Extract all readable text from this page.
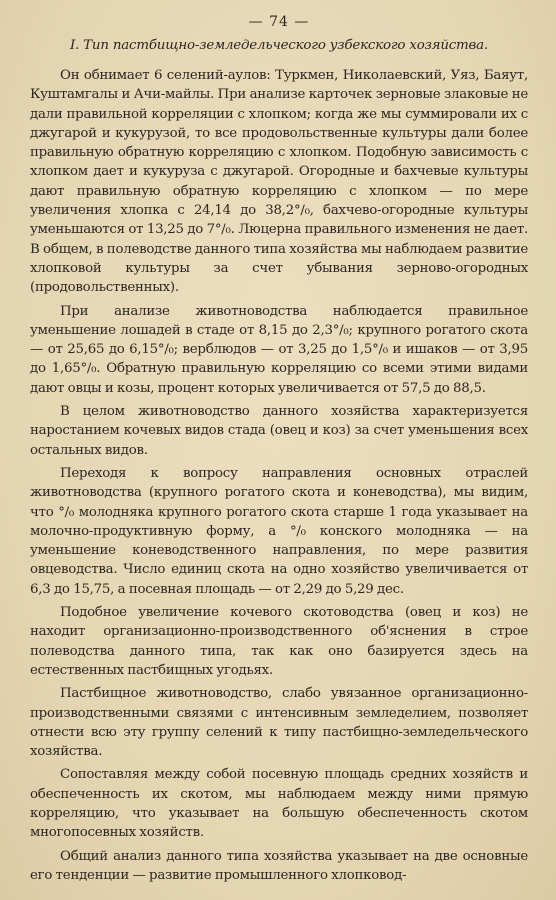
— 74 —
I. Тип пастбищно-земледельческого узбекского хозяйства.

Он обнимает 6 селений-аулов: Туркмен, Николаевский, Уяз, Баяут, Куштамгалы и Ачи-майлы. При анализе карточек зерновые злаковые не дали правильной корреляции с хлопком; когда же мы суммировали их с джугарой и кукурузой, то все продовольственные культуры дали более правильную обратную корреляцию с хлопком. Подобную зависимость с хлопком дает и кукуруза с джугарой. Огородные и бахчевые культуры дают правильную обратную корреляцию с хлопком — по мере увеличения хлопка с 24,14 до 38,2°/₀, бахчево-огородные культуры уменьшаются от 13,25 до 7°/₀. Люцерна правильного изменения не дает. В общем, в полеводстве данного типа хозяйства мы наблюдаем развитие хлопковой культуры за счет убывания зерново-огородных (продовольственных).

При анализе животноводства наблюдается правильное уменьшение лошадей в стаде от 8,15 до 2,3°/₀; крупного рогатого скота — от 25,65 до 6,15°/₀; верблюдов — от 3,25 до 1,5°/₀ и ишаков — от 3,95 до 1,65°/₀. Обратную правильную корреляцию со всеми этими видами дают овцы и козы, процент которых увеличивается от 57,5 до 88,5.

В целом животноводство данного хозяйства характеризуется наростанием кочевых видов стада (овец и коз) за счет уменьшения всех остальных видов.

Переходя к вопросу направления основных отраслей животноводства (крупного рогатого скота и коневодства), мы видим, что °/₀ молодняка крупного рогатого скота старше 1 года указывает на молочно-продуктивную форму, а °/₀ конского молодняка — на уменьшение коневодственного направления, по мере развития овцеводства. Число единиц скота на одно хозяйство увеличивается от 6,3 до 15,75, а посевная площадь — от 2,29 до 5,29 дес.

Подобное увеличение кочевого скотоводства (овец и коз) не находит организационно-производственного об'яснения в строе полеводства данного типа, так как оно базируется здесь на естественных пастбищных угодьях.

Пастбищное животноводство, слабо увязанное организационно-производственными связями с интенсивным земледелием, позволяет отнести всю эту группу селений к типу пастбищно-земледельческого хозяйства.

Сопоставляя между собой посевную площадь средних хозяйств и обеспеченность их скотом, мы наблюдаем между ними прямую корреляцию, что указывает на большую обеспеченность скотом многопосевных хозяйств.

Общий анализ данного типа хозяйства указывает на две основные его тенденции — развитие промышленного хлопковод-
